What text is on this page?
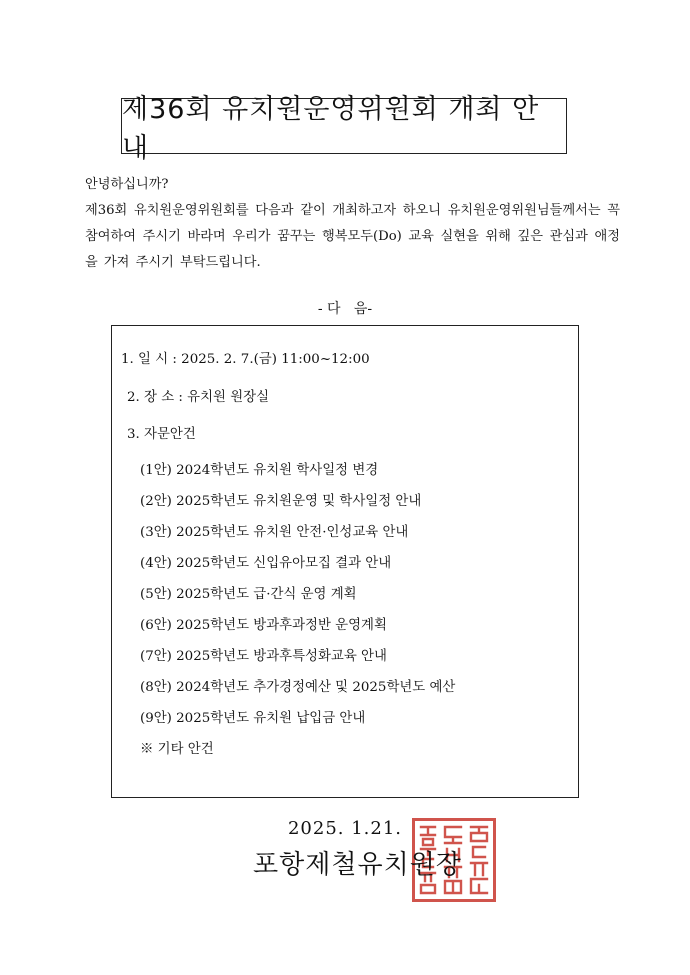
제36회 유치원운영위원회 개최 안내

안녕하십니까?

제36회 유치원운영위원회를 다음과 같이 개최하고자 하오니 유치원운영위원님들께서는 꼭 참여하여 주시기 바라며 우리가 꿈꾸는 행복모두(Do) 교육 실현을 위해 깊은 관심과 애정을 가져 주시기 부탁드립니다.

- 다   음-
1. 일 시 : 2025. 2. 7.(금) 11:00~12:00
2. 장 소 : 유치원 원장실
3. 자문안건
(1안) 2024학년도 유치원 학사일정 변경
(2안) 2025학년도 유치원운영 및 학사일정 안내
(3안) 2025학년도 유치원 안전·인성교육 안내
(4안) 2025학년도 신입유아모집 결과 안내
(5안) 2025학년도 급·간식 운영 계획
(6안) 2025학년도 방과후과정반 운영계획
(7안) 2025학년도 방과후특성화교육 안내
(8안) 2024학년도 추가경정예산 및 2025학년도 예산
(9안) 2025학년도 유치원 납입금 안내
※ 기타 안건
2025. 1.21.
포항제철유치원장
